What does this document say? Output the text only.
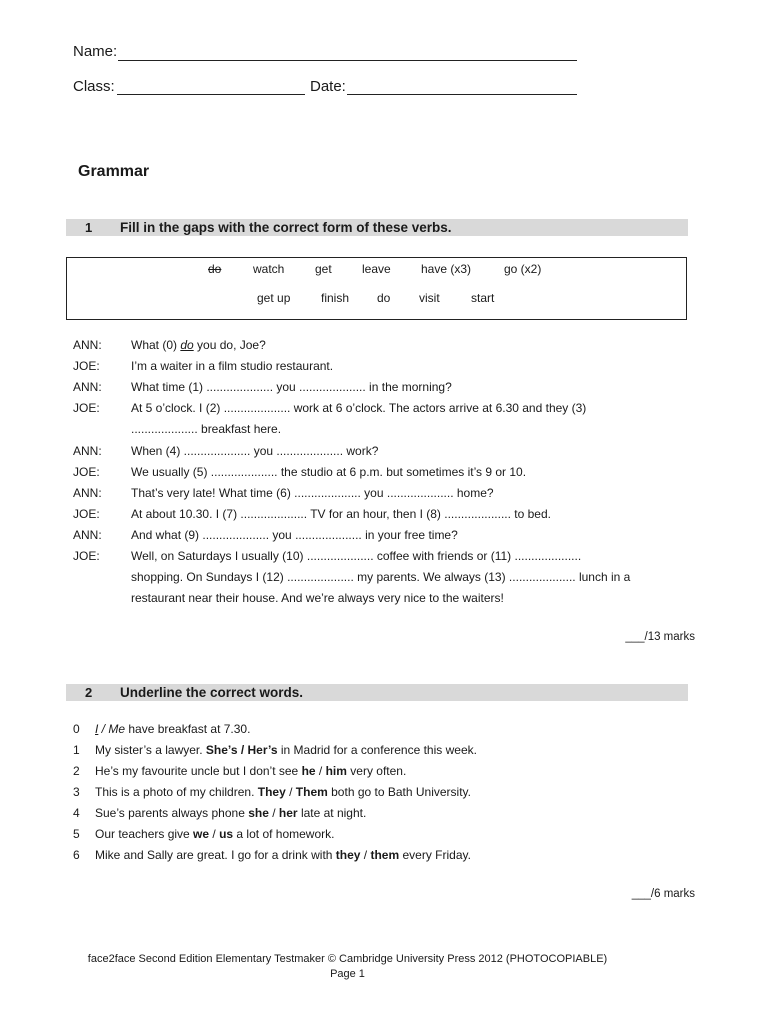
Name:
Class:	Date:
Grammar
1 Fill in the gaps with the correct form of these verbs.
do	watch	get	leave	have (x3)	go (x2)
get up	finish do visit	start
ANN: What (0) do you do, Joe?
JOE:	I’m a waiter in a film studio restaurant.
ANN: What time (1) .................... you .................... in the morning?
JOE:	At 5 o’clock. I (2) .................... work at 6 o’clock. The actors arrive at 6.30 and they (3)
.................... breakfast here.
ANN: When (4) .................... you .................... work?
JOE:	We usually (5) .................... the studio at 6 p.m. but sometimes it’s 9 or 10.
ANN: That’s very late! What time (6) .................... you .................... home?
JOE:	At about 10.30. I (7) .................... TV for an hour, then I (8) .................... to bed.
ANN: And what (9) .................... you .................... in your free time?
JOE:	Well, on Saturdays I usually (10) .................... coffee with friends or (11) ....................
shopping. On Sundays I (12) .................... my parents. We always (13) .................... lunch in a
restaurant near their house. And we’re always very nice to the waiters!
___/13 marks
2 Underline the correct words.
0 I / Me have breakfast at 7.30.
1 My sister’s a lawyer. She’s / Her’s in Madrid for a conference this week.
2 He’s my favourite uncle but I don’t see he / him very often.
3 This is a photo of my children. They / Them both go to Bath University.
4 Sue’s parents always phone she / her late at night.
5 Our teachers give we / us a lot of homework.
6 Mike and Sally are great. I go for a drink with they / them every Friday.
___/6 marks
face2face Second Edition Elementary Testmaker © Cambridge University Press 2012 (PHOTOCOPIABLE)
Page 1
